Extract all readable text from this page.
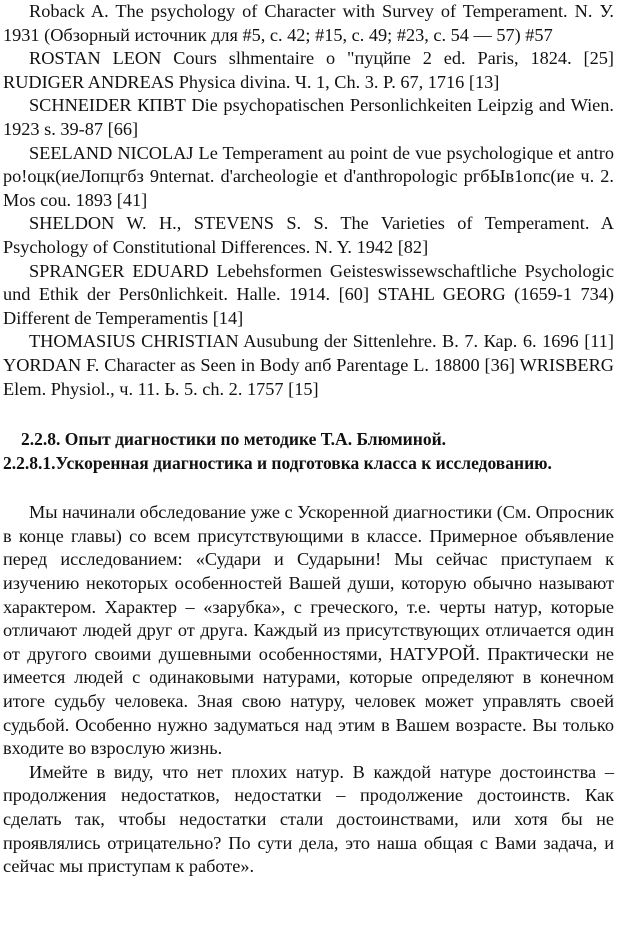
Roback A. The psychology of Character with Survey of Temperament. N. У. 1931 (Обзорный источник для #5, с. 42; #15, с. 49; #23, с. 54 — 57) #57

ROSTAN LEON Cours slhmentaire о "пуцйпе 2 ed. Paris, 1824. [25] RUDIGER ANDREAS Physica divina. Ч. 1, Ch. 3. P. 67, 1716 [13]

SCHNEIDER КПВТ Die psychopatischen Personlichkeiten Leipzig and Wien. 1923 s. 39-87 [66]

SEELAND NICOLAJ Le Temperament au point de vue psychologique et antro po!оцк(иеЛопцгбз 9nternat. d'archeologie et d'anthropologic ргбЫв1опс(ие ч. 2. Mos cou. 1893 [41]

SHELDON W. H., STEVENS S. S. The Varieties of Temperament. A Psychology of Constitutional Differences. N. Y. 1942 [82]

SPRANGER EDUARD Lebehsformen Geisteswissewschaftliche Psychologic und Ethik der Pers0nlichkeit. Halle. 1914. [60] STAHL GEORG (1659-1 734) Different de Temperamentis [14]

THOMASIUS CHRISTIAN Ausubung der Sittenlehre. B. 7. Кар. 6. 1696 [11] YORDAN F. Character as Seen in Body апб Parentage L. 18800 [36] WRISBERG Elem. Physiol., ч. 11. Ь. 5. ch. 2. 1757 [15]

2.2.8. Опыт диагностики по методике Т.А. Блюминой.

2.2.8.1.Ускоренная диагностика и подготовка класса к исследованию.

Мы начинали обследование уже с Ускоренной диагностики (См. Опросник в конце главы) со всем присутствующими в классе. Примерное объявление перед исследованием: «Судари и Сударыни! Мы сейчас приступаем к изучению некоторых особенностей Вашей души, которую обычно называют характером. Характер – «зарубка», с греческого, т.е. черты натур, которые отличают людей друг от друга. Каждый из присутствующих отличается один от другого своими душевными особенностями, НАТУРОЙ. Практически не имеется людей с одинаковыми натурами, которые определяют в конечном итоге судьбу человека. Зная свою натуру, человек может управлять своей судьбой. Особенно нужно задуматься над этим в Вашем возрасте. Вы только входите во взрослую жизнь.

Имейте в виду, что нет плохих натур. В каждой натуре достоинства – продолжения недостатков, недостатки – продолжение достоинств. Как сделать так, чтобы недостатки стали достоинствами, или хотя бы не проявлялись отрицательно? По сути дела, это наша общая с Вами задача, и сейчас мы приступам к работе».
